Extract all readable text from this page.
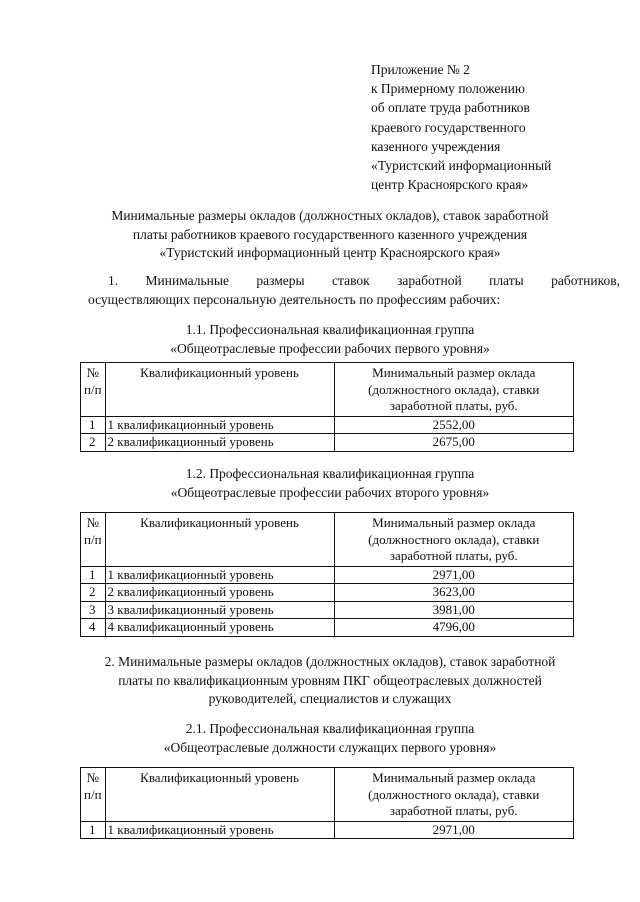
Приложение № 2
к Примерному положению
об оплате труда работников
краевого государственного
казенного учреждения
«Туристский информационный
центр Красноярского края»
Минимальные размеры окладов (должностных окладов), ставок заработной
платы работников краевого государственного казенного учреждения
«Туристский информационный центр Красноярского края»
1. Минимальные размеры ставок заработной платы работников,
осуществляющих персональную деятельность по профессиям рабочих:
1.1. Профессиональная квалификационная группа
«Общеотраслевые профессии рабочих первого уровня»
№
п/п	Квалификационный уровень	Минимальный размер оклада
(должностного оклада), ставки
заработной платы, руб.

1	1 квалификационный уровень	2552,00
2	2 квалификационный уровень	2675,00
1.2. Профессиональная квалификационная группа
«Общеотраслевые профессии рабочих второго уровня»
№
п/п	Квалификационный уровень	Минимальный размер оклада
(должностного оклада), ставки
заработной платы, руб.

1	1 квалификационный уровень	2971,00
2	2 квалификационный уровень	3623,00
3	3 квалификационный уровень	3981,00
4	4 квалификационный уровень	4796,00
2. Минимальные размеры окладов (должностных окладов), ставок заработной
платы по квалификационным уровням ПКГ общеотраслевых должностей
руководителей, специалистов и служащих
2.1. Профессиональная квалификационная группа
«Общеотраслевые должности служащих первого уровня»
№
п/п	Квалификационный уровень	Минимальный размер оклада
(должностного оклада), ставки
заработной платы, руб.

1	1 квалификационный уровень	2971,00
